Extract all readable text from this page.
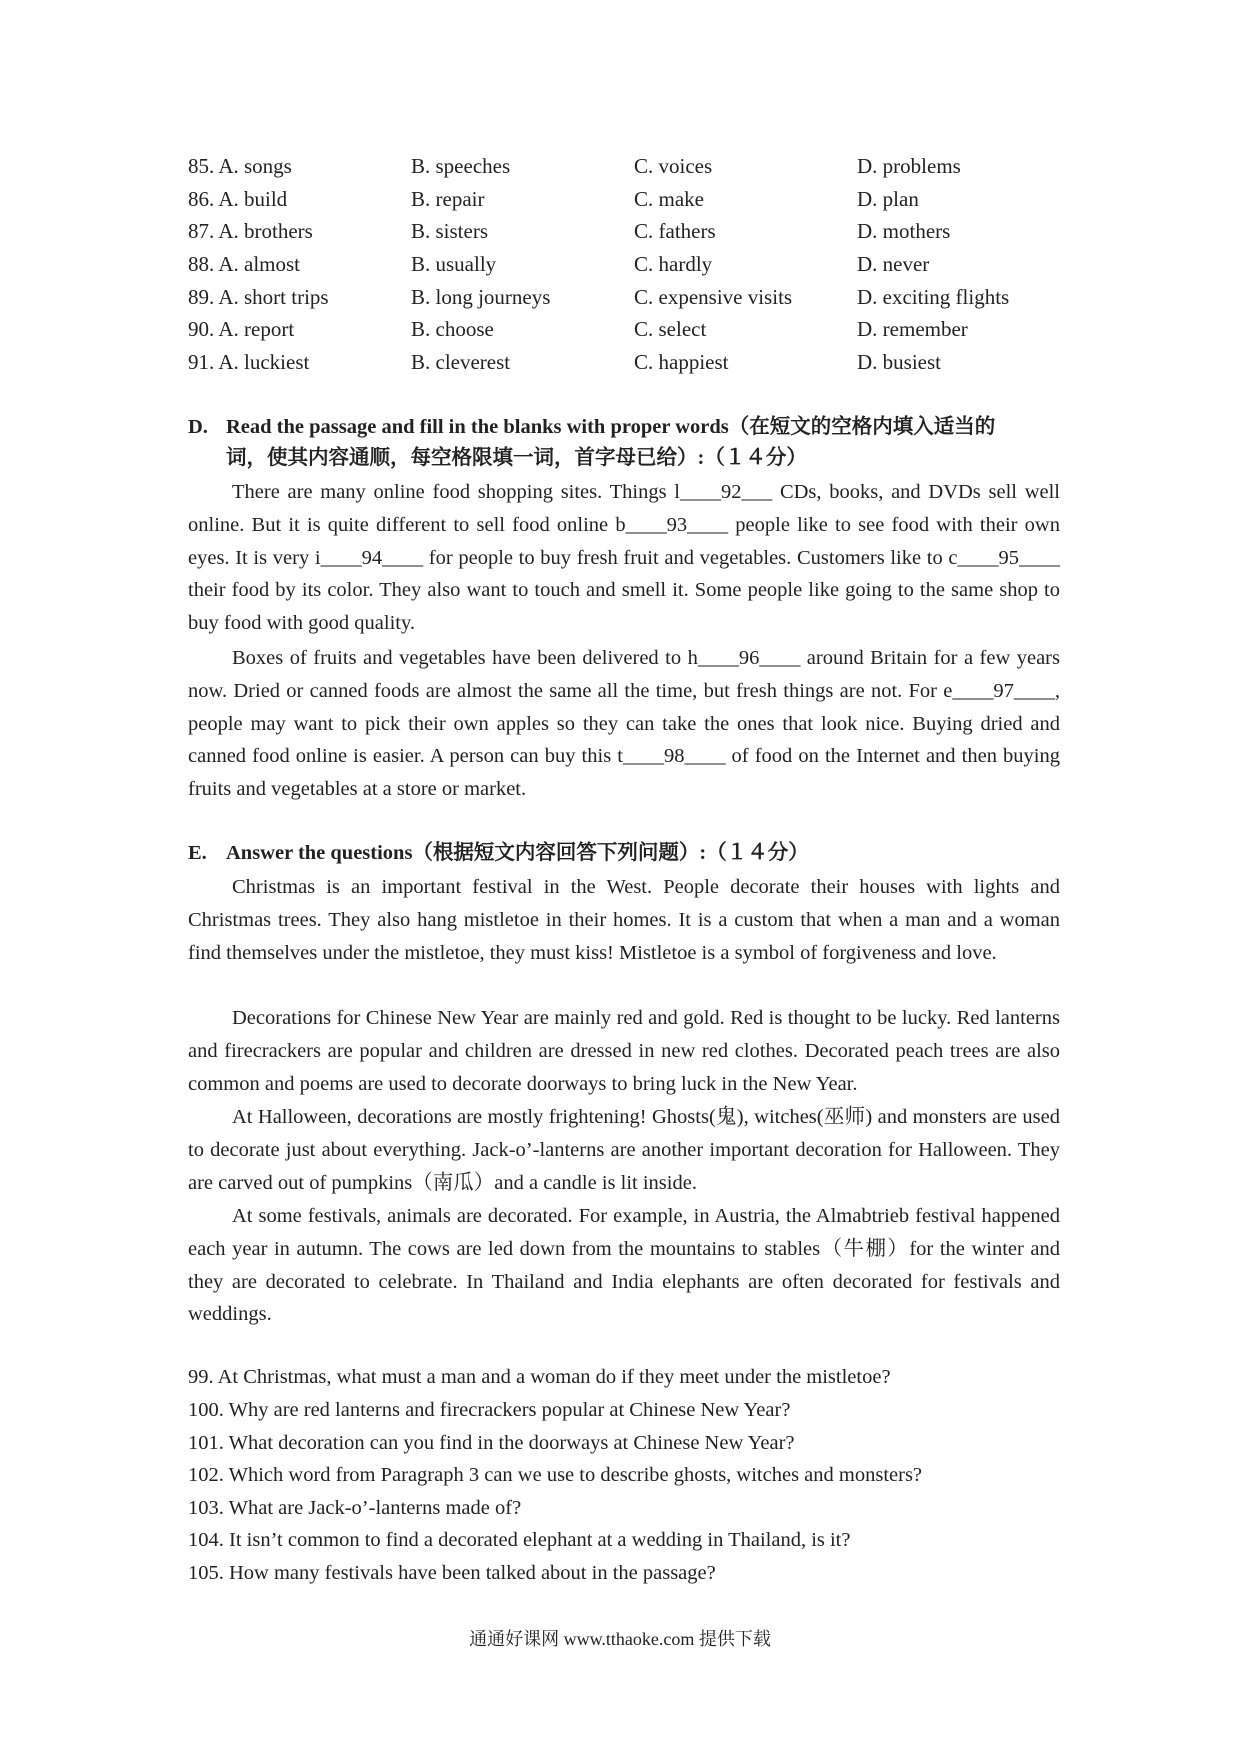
85. A. songs	B. speeches	C. voices	D. problems
86. A. build	B. repair	C. make	D. plan
87. A. brothers	B. sisters	C. fathers	D. mothers
88. A. almost	B. usually	C. hardly	D. never
89. A. short trips	B. long journeys	C. expensive visits	D. exciting flights
90. A. report	B. choose	C. select	D. remember
91. A. luckiest	B. cleverest	C. happiest	D. busiest
D. Read the passage and fill in the blanks with proper words（在短文的空格内填入适当的
词，使其内容通顺，每空格限填一词，首字母已给）:（１４分）

There are many online food shopping sites. Things l____92___ CDs, books, and DVDs sell well online. But it is quite different to sell food online b____93____ people like to see food with their own eyes. It is very i____94____ for people to buy fresh fruit and vegetables. Customers like to c____95____ their food by its color. They also want to touch and smell it. Some people like going to the same shop to buy food with good quality.

Boxes of fruits and vegetables have been delivered to h____96____ around Britain for a few years now. Dried or canned foods are almost the same all the time, but fresh things are not. For e____97____, people may want to pick their own apples so they can take the ones that look nice. Buying dried and canned food online is easier. A person can buy this t____98____ of food on the Internet and then buying fruits and vegetables at a store or market.

E. Answer the questions（根据短文内容回答下列问题）:（１４分）

Christmas is an important festival in the West. People decorate their houses with lights and Christmas trees. They also hang mistletoe in their homes. It is a custom that when a man and a woman find themselves under the mistletoe, they must kiss! Mistletoe is a symbol of forgiveness and love.

Decorations for Chinese New Year are mainly red and gold. Red is thought to be lucky. Red lanterns and firecrackers are popular and children are dressed in new red clothes. Decorated peach trees are also common and poems are used to decorate doorways to bring luck in the New Year.

At Halloween, decorations are mostly frightening! Ghosts(鬼), witches(巫师) and monsters are used to decorate just about everything. Jack-o’-lanterns are another important decoration for Halloween. They are carved out of pumpkins（南瓜）and a candle is lit inside.

At some festivals, animals are decorated. For example, in Austria, the Almabtrieb festival happened each year in autumn. The cows are led down from the mountains to stables（牛棚）for the winter and they are decorated to celebrate. In Thailand and India elephants are often decorated for festivals and weddings.

99. At Christmas, what must a man and a woman do if they meet under the mistletoe?

100. Why are red lanterns and firecrackers popular at Chinese New Year?

101. What decoration can you find in the doorways at Chinese New Year?

102. Which word from Paragraph 3 can we use to describe ghosts, witches and monsters?

103. What are Jack-o’-lanterns made of?

104. It isn’t common to find a decorated elephant at a wedding in Thailand, is it?

105. How many festivals have been talked about in the passage?

通通好课网 www.tthaoke.com 提供下载
